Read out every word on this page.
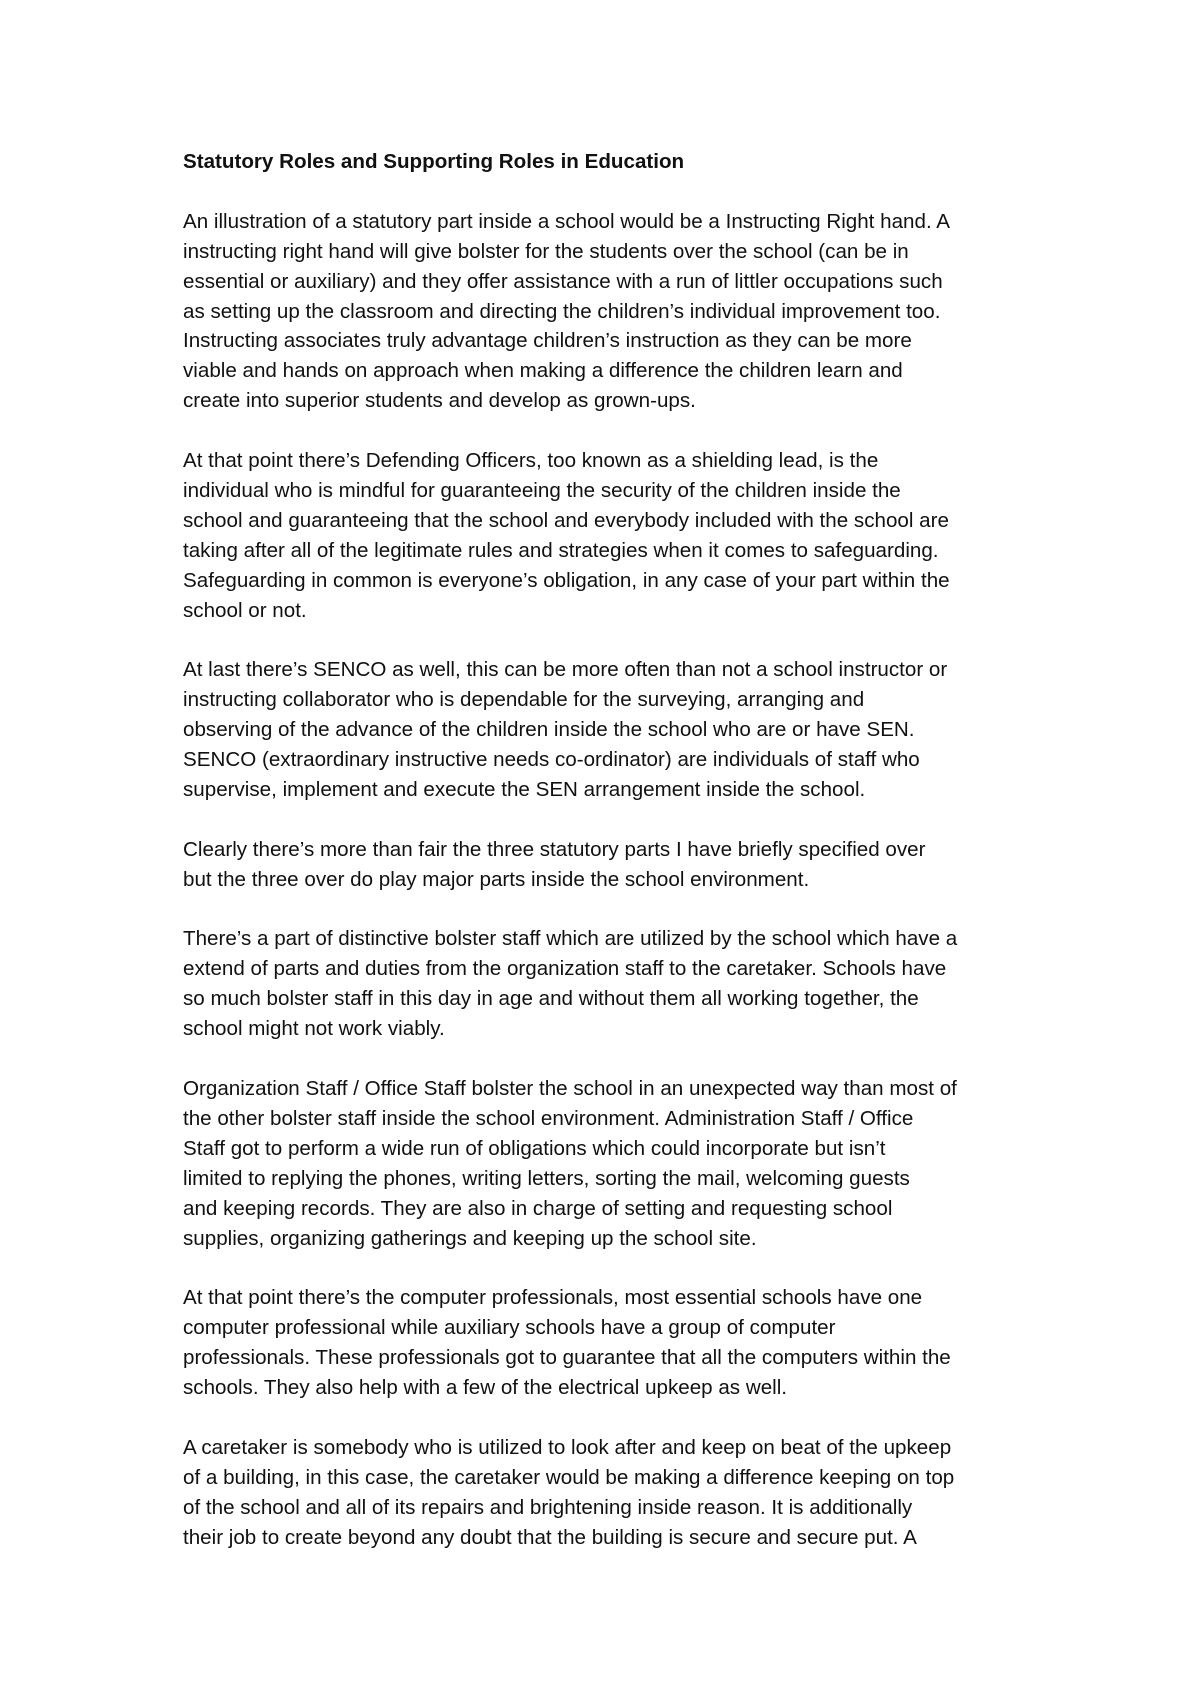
Statutory Roles and Supporting Roles in Education
An illustration of a statutory part inside a school would be a Instructing Right hand. A
instructing right hand will give bolster for the students over the school (can be in
essential or auxiliary) and they offer assistance with a run of littler occupations such
as setting up the classroom and directing the children’s individual improvement too.
Instructing associates truly advantage children’s instruction as they can be more
viable and hands on approach when making a difference the children learn and
create into superior students and develop as grown-ups.
At that point there’s Defending Officers, too known as a shielding lead, is the
individual who is mindful for guaranteeing the security of the children inside the
school and guaranteeing that the school and everybody included with the school are
taking after all of the legitimate rules and strategies when it comes to safeguarding.
Safeguarding in common is everyone’s obligation, in any case of your part within the
school or not.
At last there’s SENCO as well, this can be more often than not a school instructor or
instructing collaborator who is dependable for the surveying, arranging and
observing of the advance of the children inside the school who are or have SEN.
SENCO (extraordinary instructive needs co-ordinator) are individuals of staff who
supervise, implement and execute the SEN arrangement inside the school.
Clearly there’s more than fair the three statutory parts I have briefly specified over
but the three over do play major parts inside the school environment.
There’s a part of distinctive bolster staff which are utilized by the school which have a
extend of parts and duties from the organization staff to the caretaker. Schools have
so much bolster staff in this day in age and without them all working together, the
school might not work viably.
Organization Staff / Office Staff bolster the school in an unexpected way than most of
the other bolster staff inside the school environment. Administration Staff / Office
Staff got to perform a wide run of obligations which could incorporate but isn’t
limited to replying the phones, writing letters, sorting the mail, welcoming guests
and keeping records. They are also in charge of setting and requesting school
supplies, organizing gatherings and keeping up the school site.
At that point there’s the computer professionals, most essential schools have one
computer professional while auxiliary schools have a group of computer
professionals. These professionals got to guarantee that all the computers within the
schools. They also help with a few of the electrical upkeep as well.
A caretaker is somebody who is utilized to look after and keep on beat of the upkeep
of a building, in this case, the caretaker would be making a difference keeping on top
of the school and all of its repairs and brightening inside reason. It is additionally
their job to create beyond any doubt that the building is secure and secure put. A
